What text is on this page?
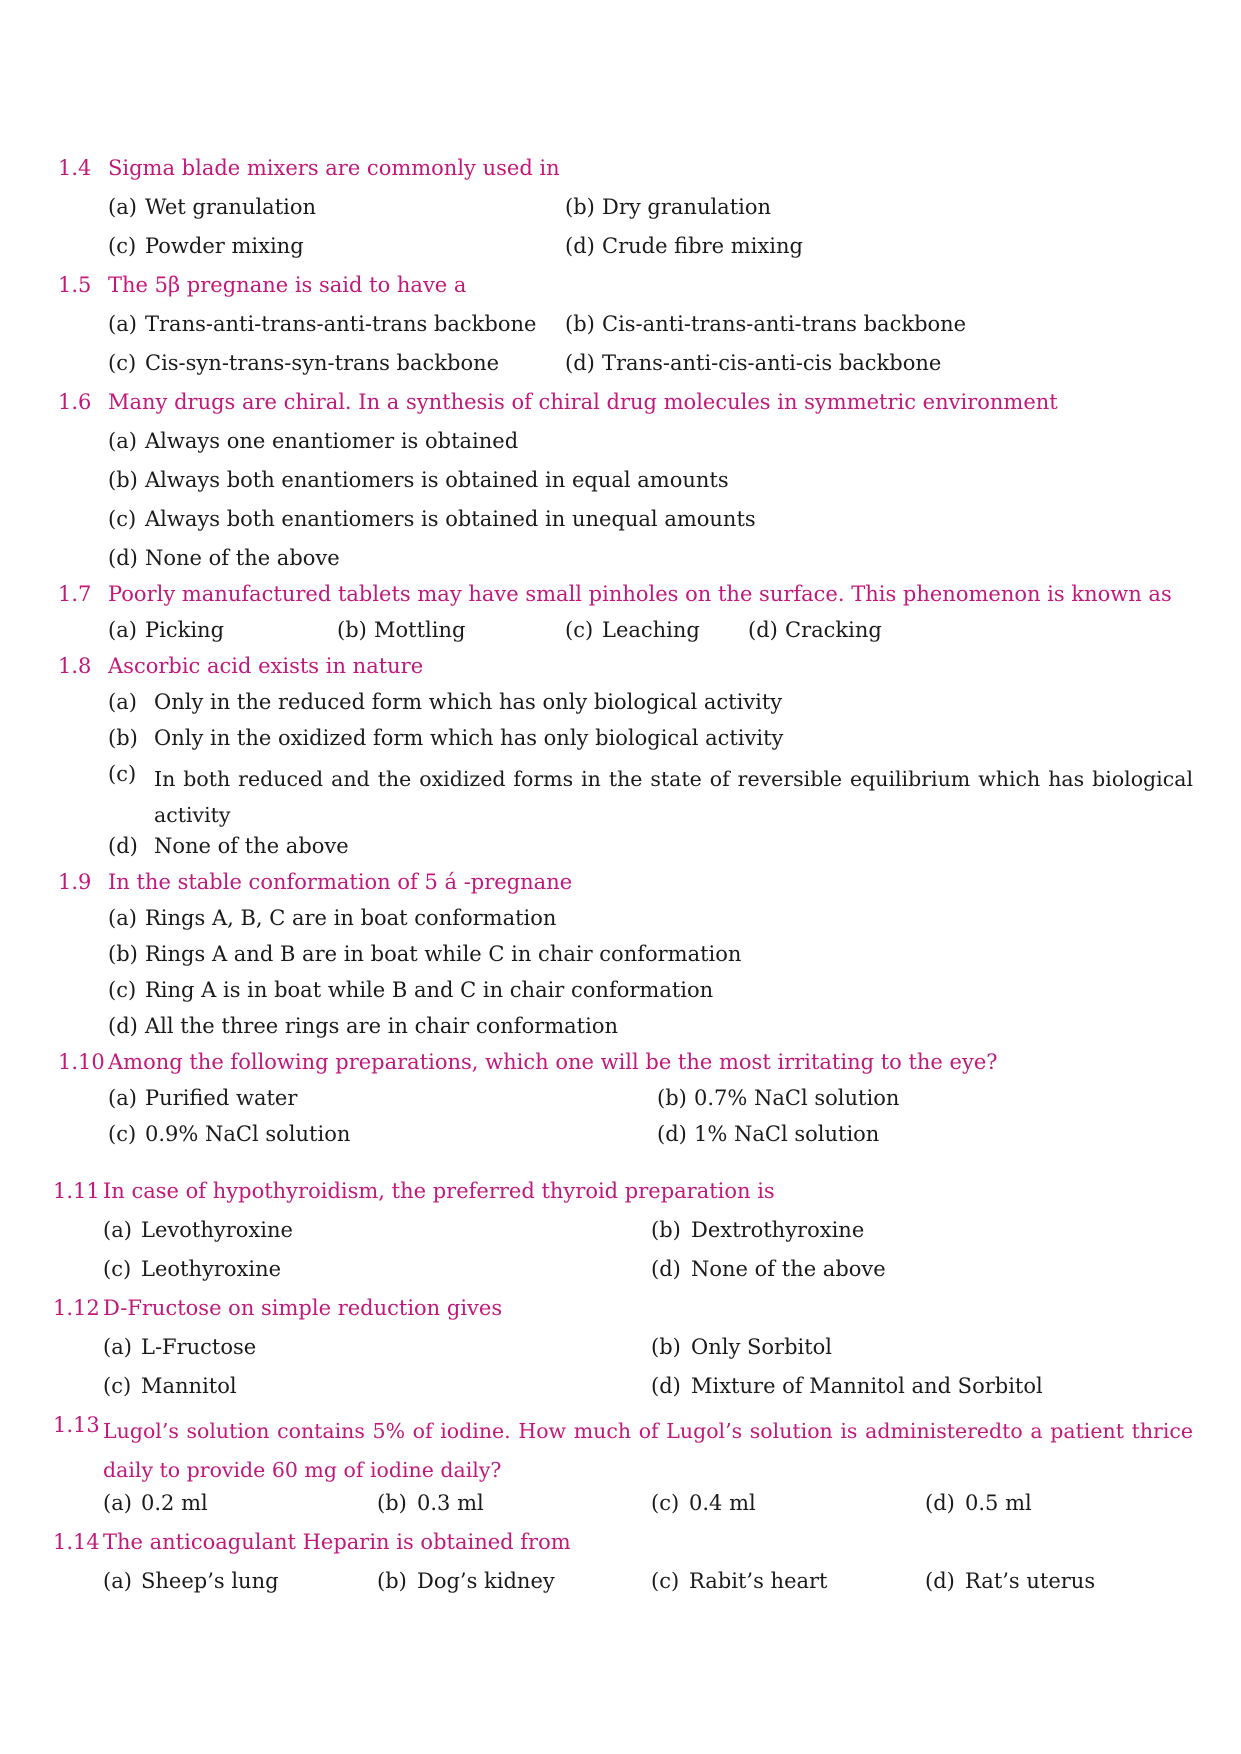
1.4 Sigma blade mixers are commonly used in
(a) Wet granulation	(b) Dry granulation
(c) Powder mixing	(d) Crude fibre mixing
1.5 The 5β pregnane is said to have a
(a) Trans-anti-trans-anti-trans backbone (b) Cis-anti-trans-anti-trans backbone
(c) Cis-syn-trans-syn-trans backbone	(d) Trans-anti-cis-anti-cis backbone
1.6 Many drugs are chiral. In a synthesis of chiral drug molecules in symmetric environment
(a) Always one enantiomer is obtained
(b) Always both enantiomers is obtained in equal amounts
(c) Always both enantiomers is obtained in unequal amounts
(d) None of the above
1.7 Poorly manufactured tablets may have small pinholes on the surface. This phenomenon is known as
(a) Picking	(b) Mottling	(c) Leaching (d) Cracking
1.8 Ascorbic acid exists in nature
(a) Only in the reduced form which has only biological activity
(b) Only in the oxidized form which has only biological activity
(c) In both reduced and the oxidized forms in the state of reversible equilibrium which has biological activity
(d) None of the above
1.9 In the stable conformation of 5 á -pregnane
(a) Rings A, B, C are in boat conformation
(b) Rings A and B are in boat while C in chair conformation
(c) Ring A is in boat while B and C in chair conformation
(d) All the three rings are in chair conformation
1.10 Among the following preparations, which one will be the most irritating to the eye?
(a) Purified water	(b) 0.7% NaCl solution
(c) 0.9% NaCl solution	(d) 1% NaCl solution
1.11 In case of hypothyroidism, the preferred thyroid preparation is
(a) Levothyroxine	(b) Dextrothyroxine
(c) Leothyroxine	(d) None of the above
1.12 D-Fructose on simple reduction gives
(a) L-Fructose	(b) Only Sorbitol
(c) Mannitol	(d) Mixture of Mannitol and Sorbitol
1.13 Lugol’s solution contains 5% of iodine. How much of Lugol’s solution is administeredto a patient thrice daily to provide 60 mg of iodine daily?
(a) 0.2 ml	(b) 0.3 ml	(c) 0.4 ml	(d) 0.5 ml
1.14 The anticoagulant Heparin is obtained from
(a) Sheep’s lung	(b) Dog’s kidney	(c) Rabit’s heart	(d) Rat’s uterus
